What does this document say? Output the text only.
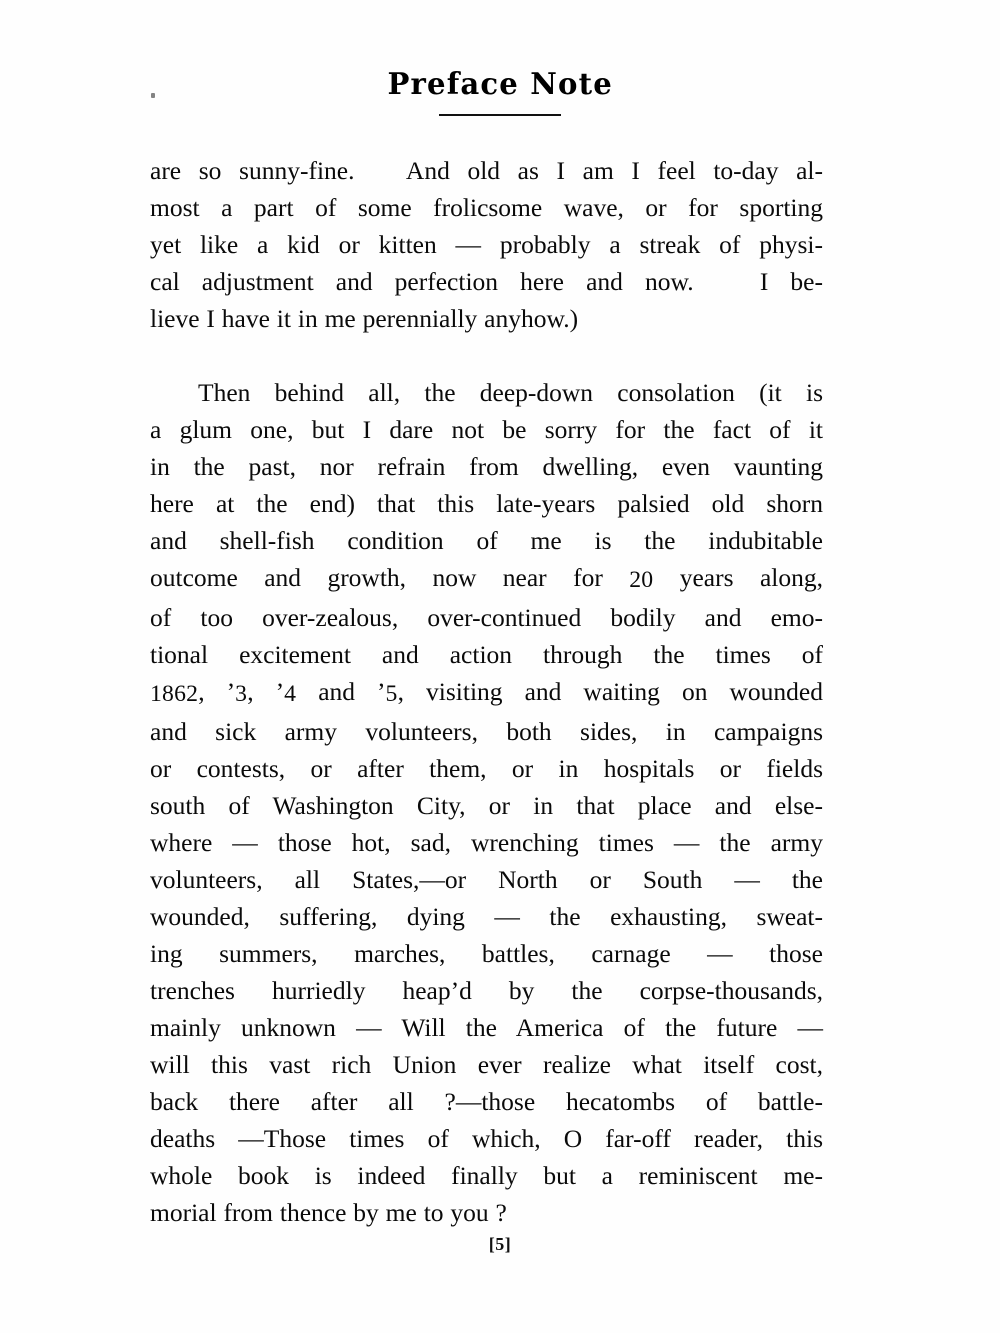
Preface Note
are so sunny-fine.   And old as I am I feel to-day al-
most a part of some frolicsome wave, or for sporting
yet like a kid or kitten — probably a streak of physi-
cal adjustment and perfection here and now.   I be-
lieve I have it in me perennially anyhow.)
Then behind all, the deep-down consolation (it is
a glum one, but I dare not be sorry for the fact of it
in the past, nor refrain from dwelling, even vaunting
here at the end) that this late-years palsied old shorn
and shell-fish condition of me is the indubitable
outcome and growth, now near for 20 years along,
of too over-zealous, over-continued bodily and emo-
tional excitement and action through the times of
1862, ’3, ’4 and ’5, visiting and waiting on wounded
and sick army volunteers, both sides, in campaigns
or contests, or after them, or in hospitals or fields
south of Washington City, or in that place and else-
where — those hot, sad, wrenching times — the army
volunteers, all States,—or North or South — the
wounded, suffering, dying — the exhausting, sweat-
ing summers, marches, battles, carnage — those
trenches hurriedly heap’d by the corpse-thousands,
mainly unknown — Will the America of the future —
will this vast rich Union ever realize what itself cost,
back there after all ?—those hecatombs of battle-
deaths —Those times of which, O far-off reader, this
whole book is indeed finally but a reminiscent me-
morial from thence by me to you ?
[5]
